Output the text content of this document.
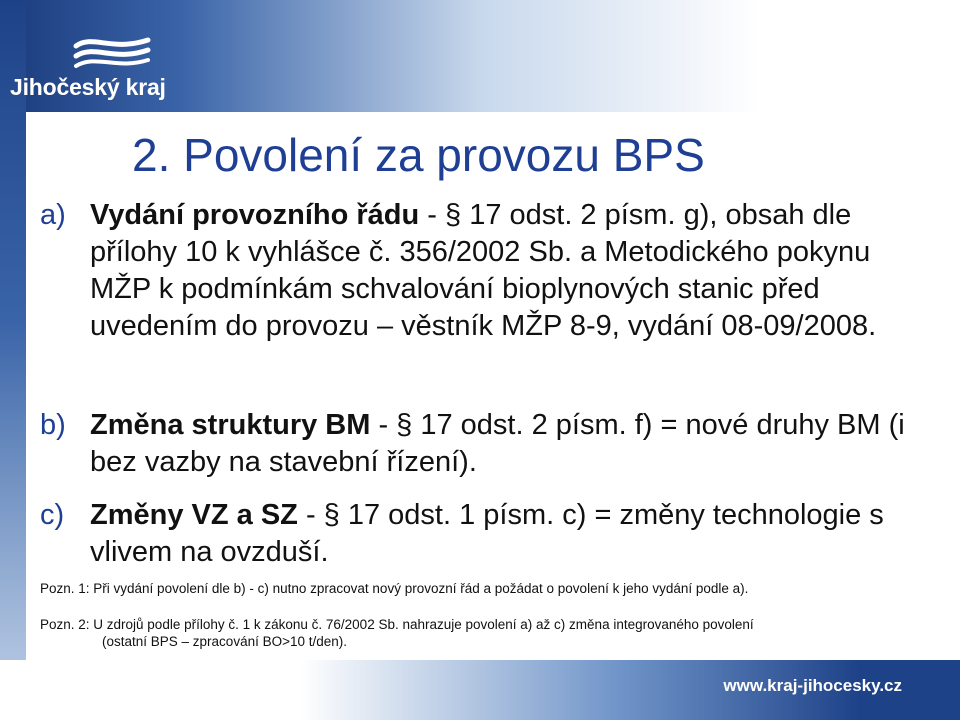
Jihočeský kraj
2. Povolení za provozu BPS
a) Vydání provozního řádu - § 17 odst. 2 písm. g), obsah dle přílohy 10 k vyhlášce č. 356/2002 Sb. a Metodického pokynu MŽP k podmínkám schvalování bioplynových stanic před uvedením do provozu – věstník MŽP 8-9, vydání 08-09/2008.
b) Změna struktury BM - § 17 odst. 2 písm. f) = nové druhy BM (i bez vazby na stavební řízení).
c) Změny VZ a SZ - § 17 odst. 1 písm. c) = změny technologie s vlivem na ovzduší.
Pozn. 1: Při vydání povolení dle b) - c) nutno zpracovat nový provozní řád a požádat o povolení k jeho vydání podle a).
Pozn. 2: U zdrojů podle přílohy č. 1 k zákonu č. 76/2002 Sb. nahrazuje povolení a) až c) změna integrovaného povolení
(ostatní BPS – zpracování BO>10 t/den).
www.kraj-jihocesky.cz
